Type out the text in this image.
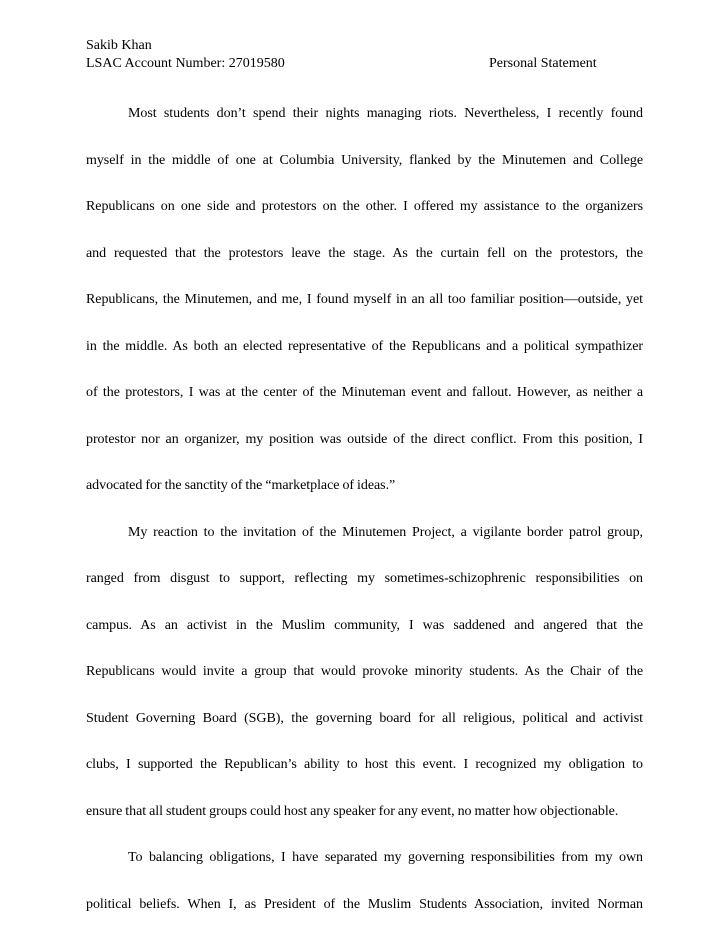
Sakib Khan
LSAC Account Number: 27019580	Personal Statement
Most students don’t spend their nights managing riots. Nevertheless, I recently found
myself in the middle of one at Columbia University, flanked by the Minutemen and College
Republicans on one side and protestors on the other. I offered my assistance to the organizers
and requested that the protestors leave the stage. As the curtain fell on the protestors, the
Republicans, the Minutemen, and me, I found myself in an all too familiar position—outside, yet
in the middle. As both an elected representative of the Republicans and a political sympathizer
of the protestors, I was at the center of the Minuteman event and fallout. However, as neither a
protestor nor an organizer, my position was outside of the direct conflict. From this position, I
advocated for the sanctity of the “marketplace of ideas.”
My reaction to the invitation of the Minutemen Project, a vigilante border patrol group,
ranged from disgust to support, reflecting my sometimes-schizophrenic responsibilities on
campus. As an activist in the Muslim community, I was saddened and angered that the
Republicans would invite a group that would provoke minority students. As the Chair of the
Student Governing Board (SGB), the governing board for all religious, political and activist
clubs, I supported the Republican’s ability to host this event. I recognized my obligation to
ensure that all student groups could host any speaker for any event, no matter how objectionable.
To balancing obligations, I have separated my governing responsibilities from my own
political beliefs. When I, as President of the Muslim Students Association, invited Norman
